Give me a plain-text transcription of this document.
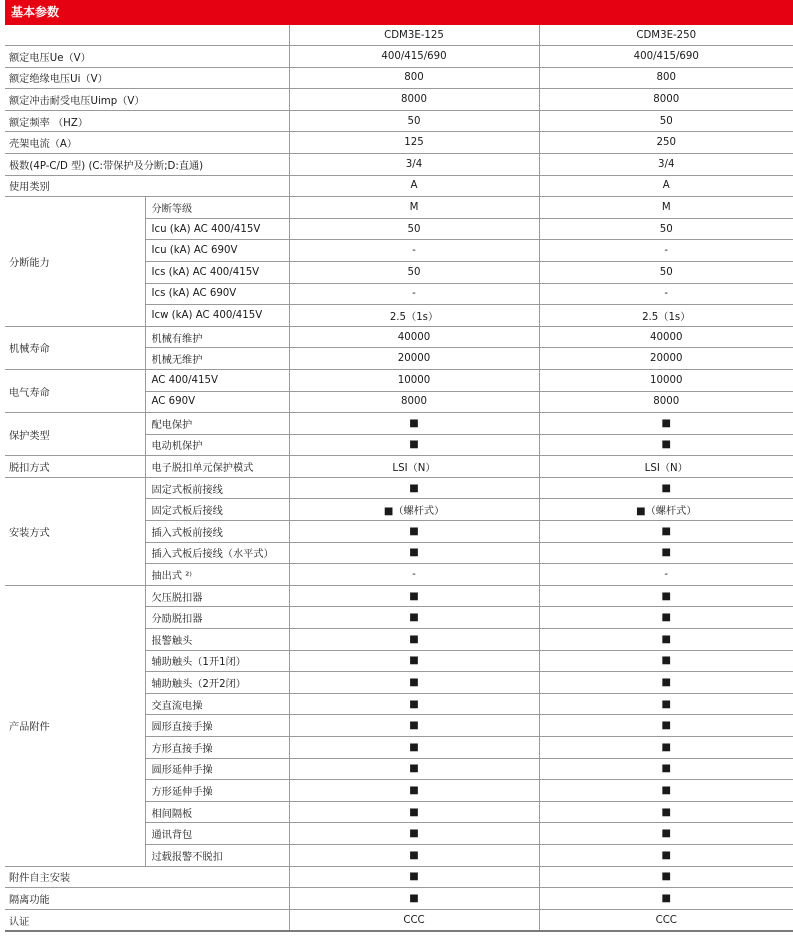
基本参数
		CDM3E-125	CDM3E-250
额定电压Ue（V）		400/415/690	400/415/690
额定绝缘电压Ui（V）		800	800
额定冲击耐受电压Uimp（V）		8000	8000
额定频率 （HZ）		50	50
壳架电流（A）		125	250
极数(4P-C/D 型) (C:带保护及分断;D:直通)		3/4	3/4
使用类别		A	A
分断能力	分断等级	M	M
	Icu (kA) AC 400/415V	50	50
	Icu (kA) AC 690V	-	-
	Ics (kA) AC 400/415V	50	50
	Ics (kA) AC 690V	-	-
	Icw (kA) AC 400/415V	2.5（1s）	2.5（1s）
机械寿命	机械有维护	40000	40000
	机械无维护	20000	20000
电气寿命	AC 400/415V	10000	10000
	AC 690V	8000	8000
保护类型	配电保护	■	■
	电动机保护	■	■
脱扣方式	电子脱扣单元保护模式	LSI（N）	LSI（N）
安装方式	固定式板前接线	■	■
	固定式板后接线	■（螺杆式）	■（螺杆式）
	插入式板前接线	■	■
	插入式板后接线（水平式）	■	■
	抽出式 ²⁾	-	-
产品附件	欠压脱扣器	■	■
	分励脱扣器	■	■
	报警触头	■	■
	辅助触头（1开1闭）	■	■
	辅助触头（2开2闭）	■	■
	交直流电操	■	■
	圆形直接手操	■	■
	方形直接手操	■	■
	圆形延伸手操	■	■
	方形延伸手操	■	■
	相间隔板	■	■
	通讯背包	■	■
	过载报警不脱扣	■	■
附件自主安装		■	■
隔离功能		■	■
认证		CCC	CCC
